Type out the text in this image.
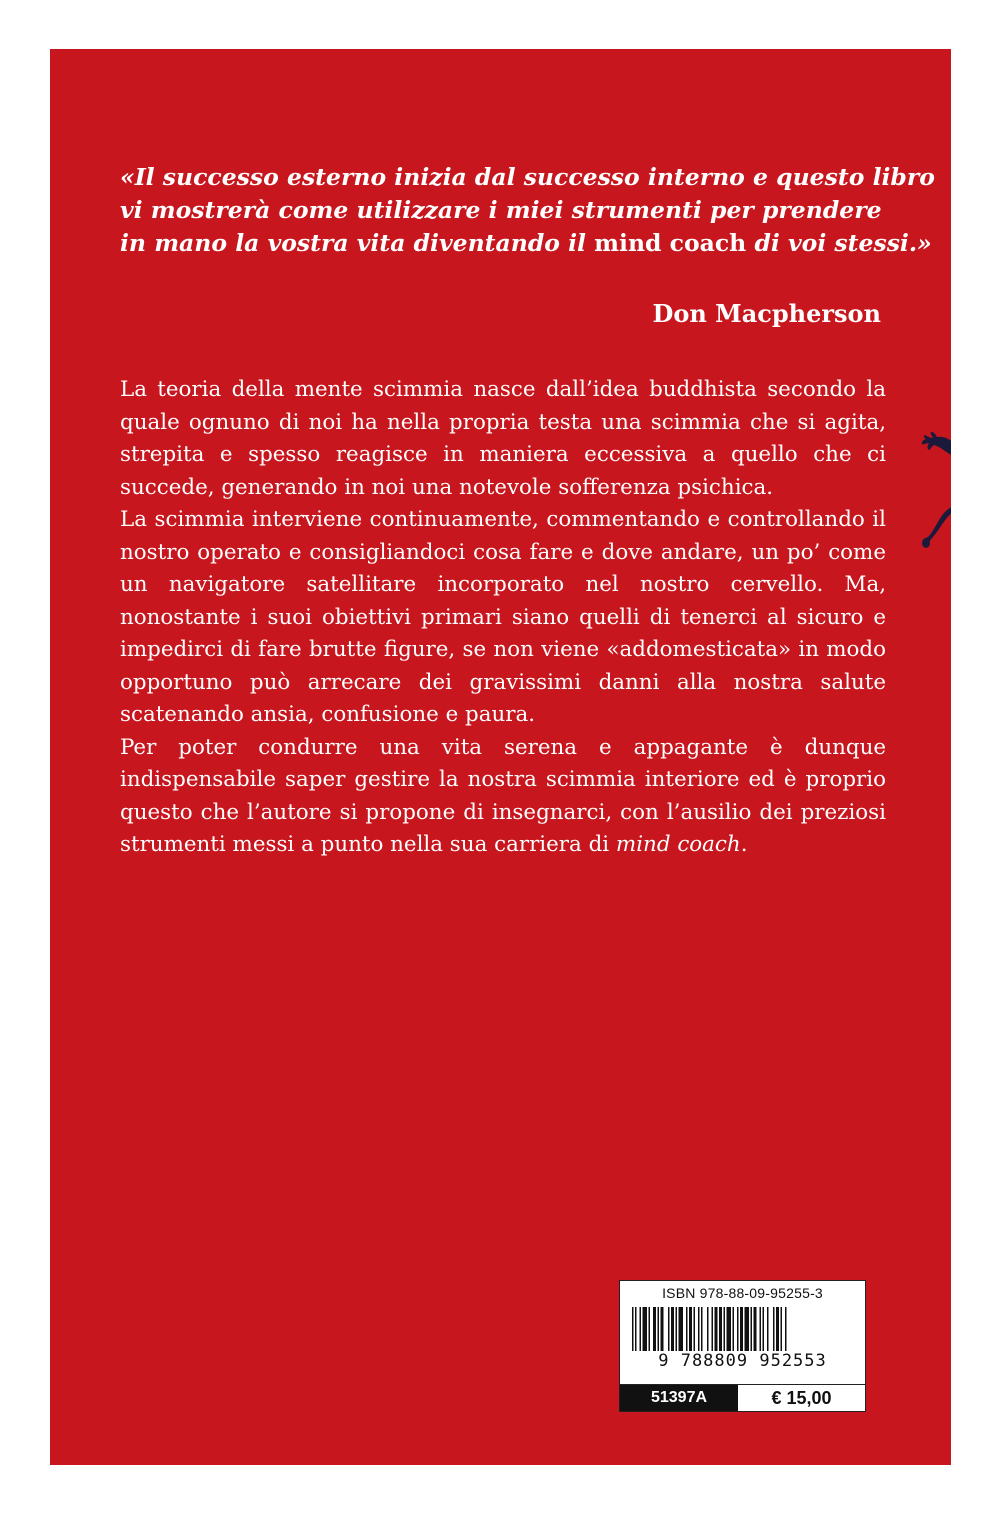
«Il successo esterno inizia dal successo interno e questo libro
vi mostrerà come utilizzare i miei strumenti per prendere
in mano la vostra vita diventando il mind coach di voi stessi.»
Don Macpherson

La teoria della mente scimmia nasce dall’idea buddhista secondo la quale ognuno di noi ha nella propria testa una scimmia che si agita, strepita e spesso reagisce in maniera eccessiva a quello che ci succede, generando in noi una notevole sofferenza psichica.

La scimmia interviene continuamente, commentando e controllando il nostro operato e consigliandoci cosa fare e dove andare, un po’ come un navigatore satellitare incorporato nel nostro cervello. Ma, nonostante i suoi obiettivi primari siano quelli di tenerci al sicuro e impedirci di fare brutte figure, se non viene «addomesticata» in modo opportuno può arrecare dei gravissimi danni alla nostra salute scatenando ansia, confusione e paura.

Per poter condurre una vita serena e appagante è dunque indispensabile saper gestire la nostra scimmia interiore ed è proprio questo che l’autore si propone di insegnarci, con l’ausilio dei preziosi strumenti messi a punto nella sua carriera di mind coach.

ISBN 978-88-09-95255-3
9 788809 952553
51397A	€ 15,00
